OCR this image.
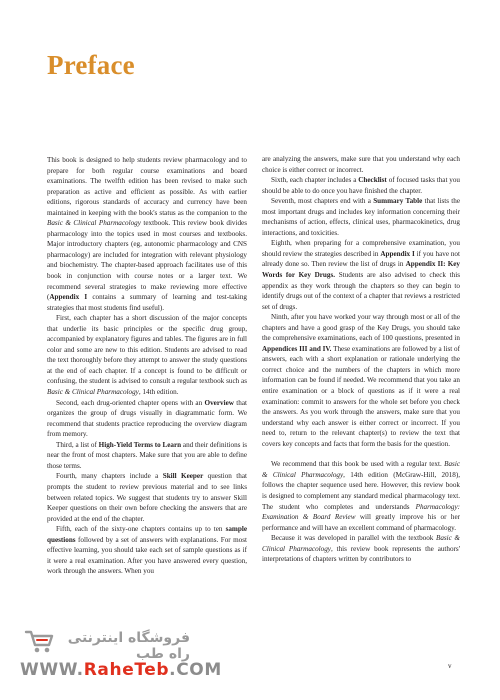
Preface

This book is designed to help students review pharmacology and to prepare for both regular course examinations and board examinations. The twelfth edition has been revised to make such preparation as active and efficient as possible. As with earlier editions, rigorous standards of accuracy and currency have been maintained in keeping with the book's status as the companion to the Basic & Clinical Pharmacology textbook. This review book divides pharmacology into the topics used in most courses and textbooks. Major introductory chapters (eg, autonomic pharmacology and CNS pharmacology) are included for integration with relevant physiology and biochemistry. The chapter-based approach facilitates use of this book in conjunction with course notes or a larger text. We recommend several strategies to make reviewing more effective (Appendix I contains a summary of learning and test-taking strategies that most students find useful).

First, each chapter has a short discussion of the major concepts that underlie its basic principles or the specific drug group, accompanied by explanatory figures and tables. The figures are in full color and some are new to this edition. Students are advised to read the text thoroughly before they attempt to answer the study questions at the end of each chapter. If a concept is found to be difficult or confusing, the student is advised to consult a regular textbook such as Basic & Clinical Pharmacology, 14th edition.

Second, each drug-oriented chapter opens with an Overview that organizes the group of drugs visually in diagrammatic form. We recommend that students practice reproducing the overview diagram from memory.

Third, a list of High-Yield Terms to Learn and their definitions is near the front of most chapters. Make sure that you are able to define those terms.

Fourth, many chapters include a Skill Keeper question that prompts the student to review previous material and to see links between related topics. We suggest that students try to answer Skill Keeper questions on their own before checking the answers that are provided at the end of the chapter.

Fifth, each of the sixty-one chapters contains up to ten sample questions followed by a set of answers with explanations. For most effective learning, you should take each set of sample questions as if it were a real examination. After you have answered every question, work through the answers. When you

are analyzing the answers, make sure that you understand why each choice is either correct or incorrect.

Sixth, each chapter includes a Checklist of focused tasks that you should be able to do once you have finished the chapter.

Seventh, most chapters end with a Summary Table that lists the most important drugs and includes key information concerning their mechanisms of action, effects, clinical uses, pharmacokinetics, drug interactions, and toxicities.

Eighth, when preparing for a comprehensive examination, you should review the strategies described in Appendix I if you have not already done so. Then review the list of drugs in Appendix II: Key Words for Key Drugs. Students are also advised to check this appendix as they work through the chapters so they can begin to identify drugs out of the context of a chapter that reviews a restricted set of drugs.

Ninth, after you have worked your way through most or all of the chapters and have a good grasp of the Key Drugs, you should take the comprehensive examinations, each of 100 questions, presented in Appendices III and IV. These examinations are followed by a list of answers, each with a short explanation or rationale underlying the correct choice and the numbers of the chapters in which more information can be found if needed. We recommend that you take an entire examination or a block of questions as if it were a real examination: commit to answers for the whole set before you check the answers. As you work through the answers, make sure that you understand why each answer is either correct or incorrect. If you need to, return to the relevant chapter(s) to review the text that covers key concepts and facts that form the basis for the question.

We recommend that this book be used with a regular text. Basic & Clinical Pharmacology, 14th edition (McGraw-Hill, 2018), follows the chapter sequence used here. However, this review book is designed to complement any standard medical pharmacology text. The student who completes and understands Pharmacology: Examination & Board Review will greatly improve his or her performance and will have an excellent command of pharmacology.

Because it was developed in parallel with the textbook Basic & Clinical Pharmacology, this review book represents the authors' interpretations of chapters written by contributors to

فروشگاه اینترنتی راه طب
WWW.RaheTeb.COM	v
